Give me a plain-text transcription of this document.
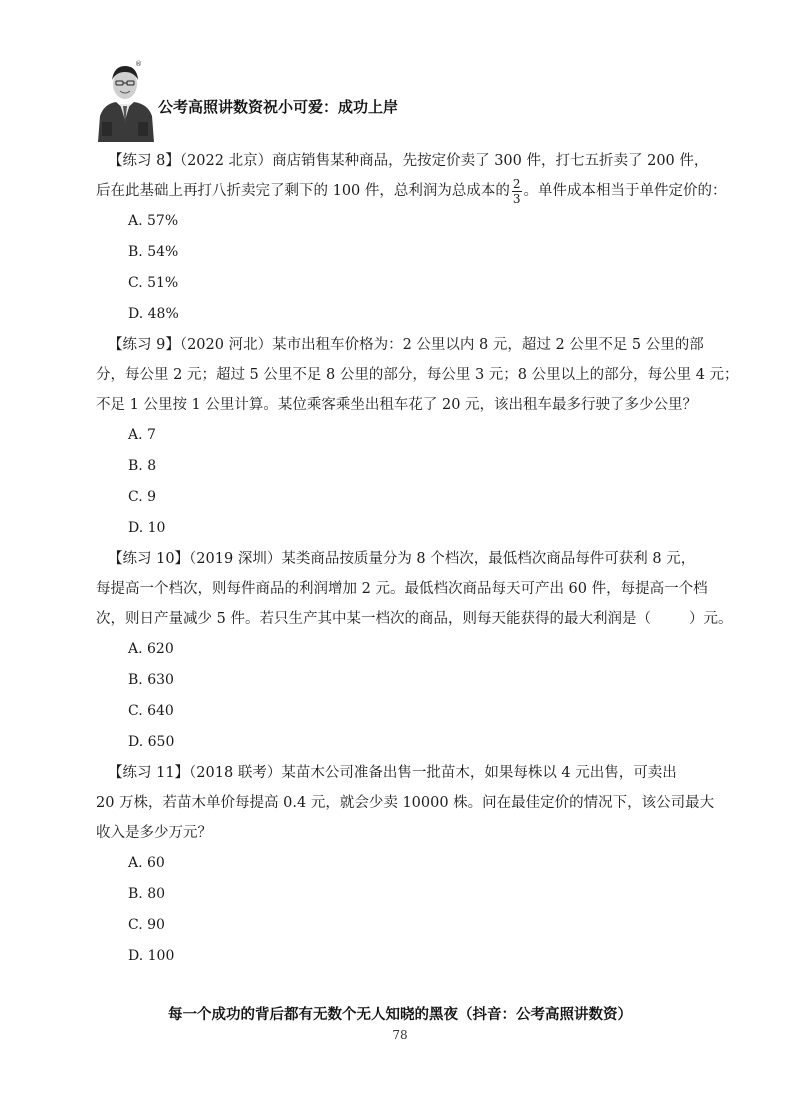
®
公考高照讲数资祝小可爱：成功上岸
【练习 8】（2022 北京）商店销售某种商品，先按定价卖了 300 件，打七五折卖了 200 件，
后在此基础上再打八折卖完了剩下的 100 件，总利润为总成本的 $\frac{2}{3}$ 。单件成本相当于单件定价的：
A. 57%
B. 54%
C. 51%
D. 48%
【练习 9】（2020 河北）某市出租车价格为：2 公里以内 8 元，超过 2 公里不足 5 公里的部
分，每公里 2 元；超过 5 公里不足 8 公里的部分，每公里 3 元；8 公里以上的部分，每公里 4 元；
不足 1 公里按 1 公里计算。某位乘客乘坐出租车花了 20 元，该出租车最多行驶了多少公里？
A. 7
B. 8
C. 9
D. 10
【练习 10】（2019 深圳）某类商品按质量分为 8 个档次，最低档次商品每件可获利 8 元，
每提高一个档次，则每件商品的利润增加 2 元。最低档次商品每天可产出 60 件，每提高一个档
次，则日产量减少 5 件。若只生产其中某一档次的商品，则每天能获得的最大利润是（	）元。
A. 620
B. 630
C. 640
D. 650
【练习 11】（2018 联考）某苗木公司准备出售一批苗木，如果每株以 4 元出售，可卖出
20 万株，若苗木单价每提高 0.4 元，就会少卖 10000 株。问在最佳定价的情况下，该公司最大
收入是多少万元？
A. 60
B. 80
C. 90
D. 100
每一个成功的背后都有无数个无人知晓的黑夜（抖音：公考高照讲数资）
78
